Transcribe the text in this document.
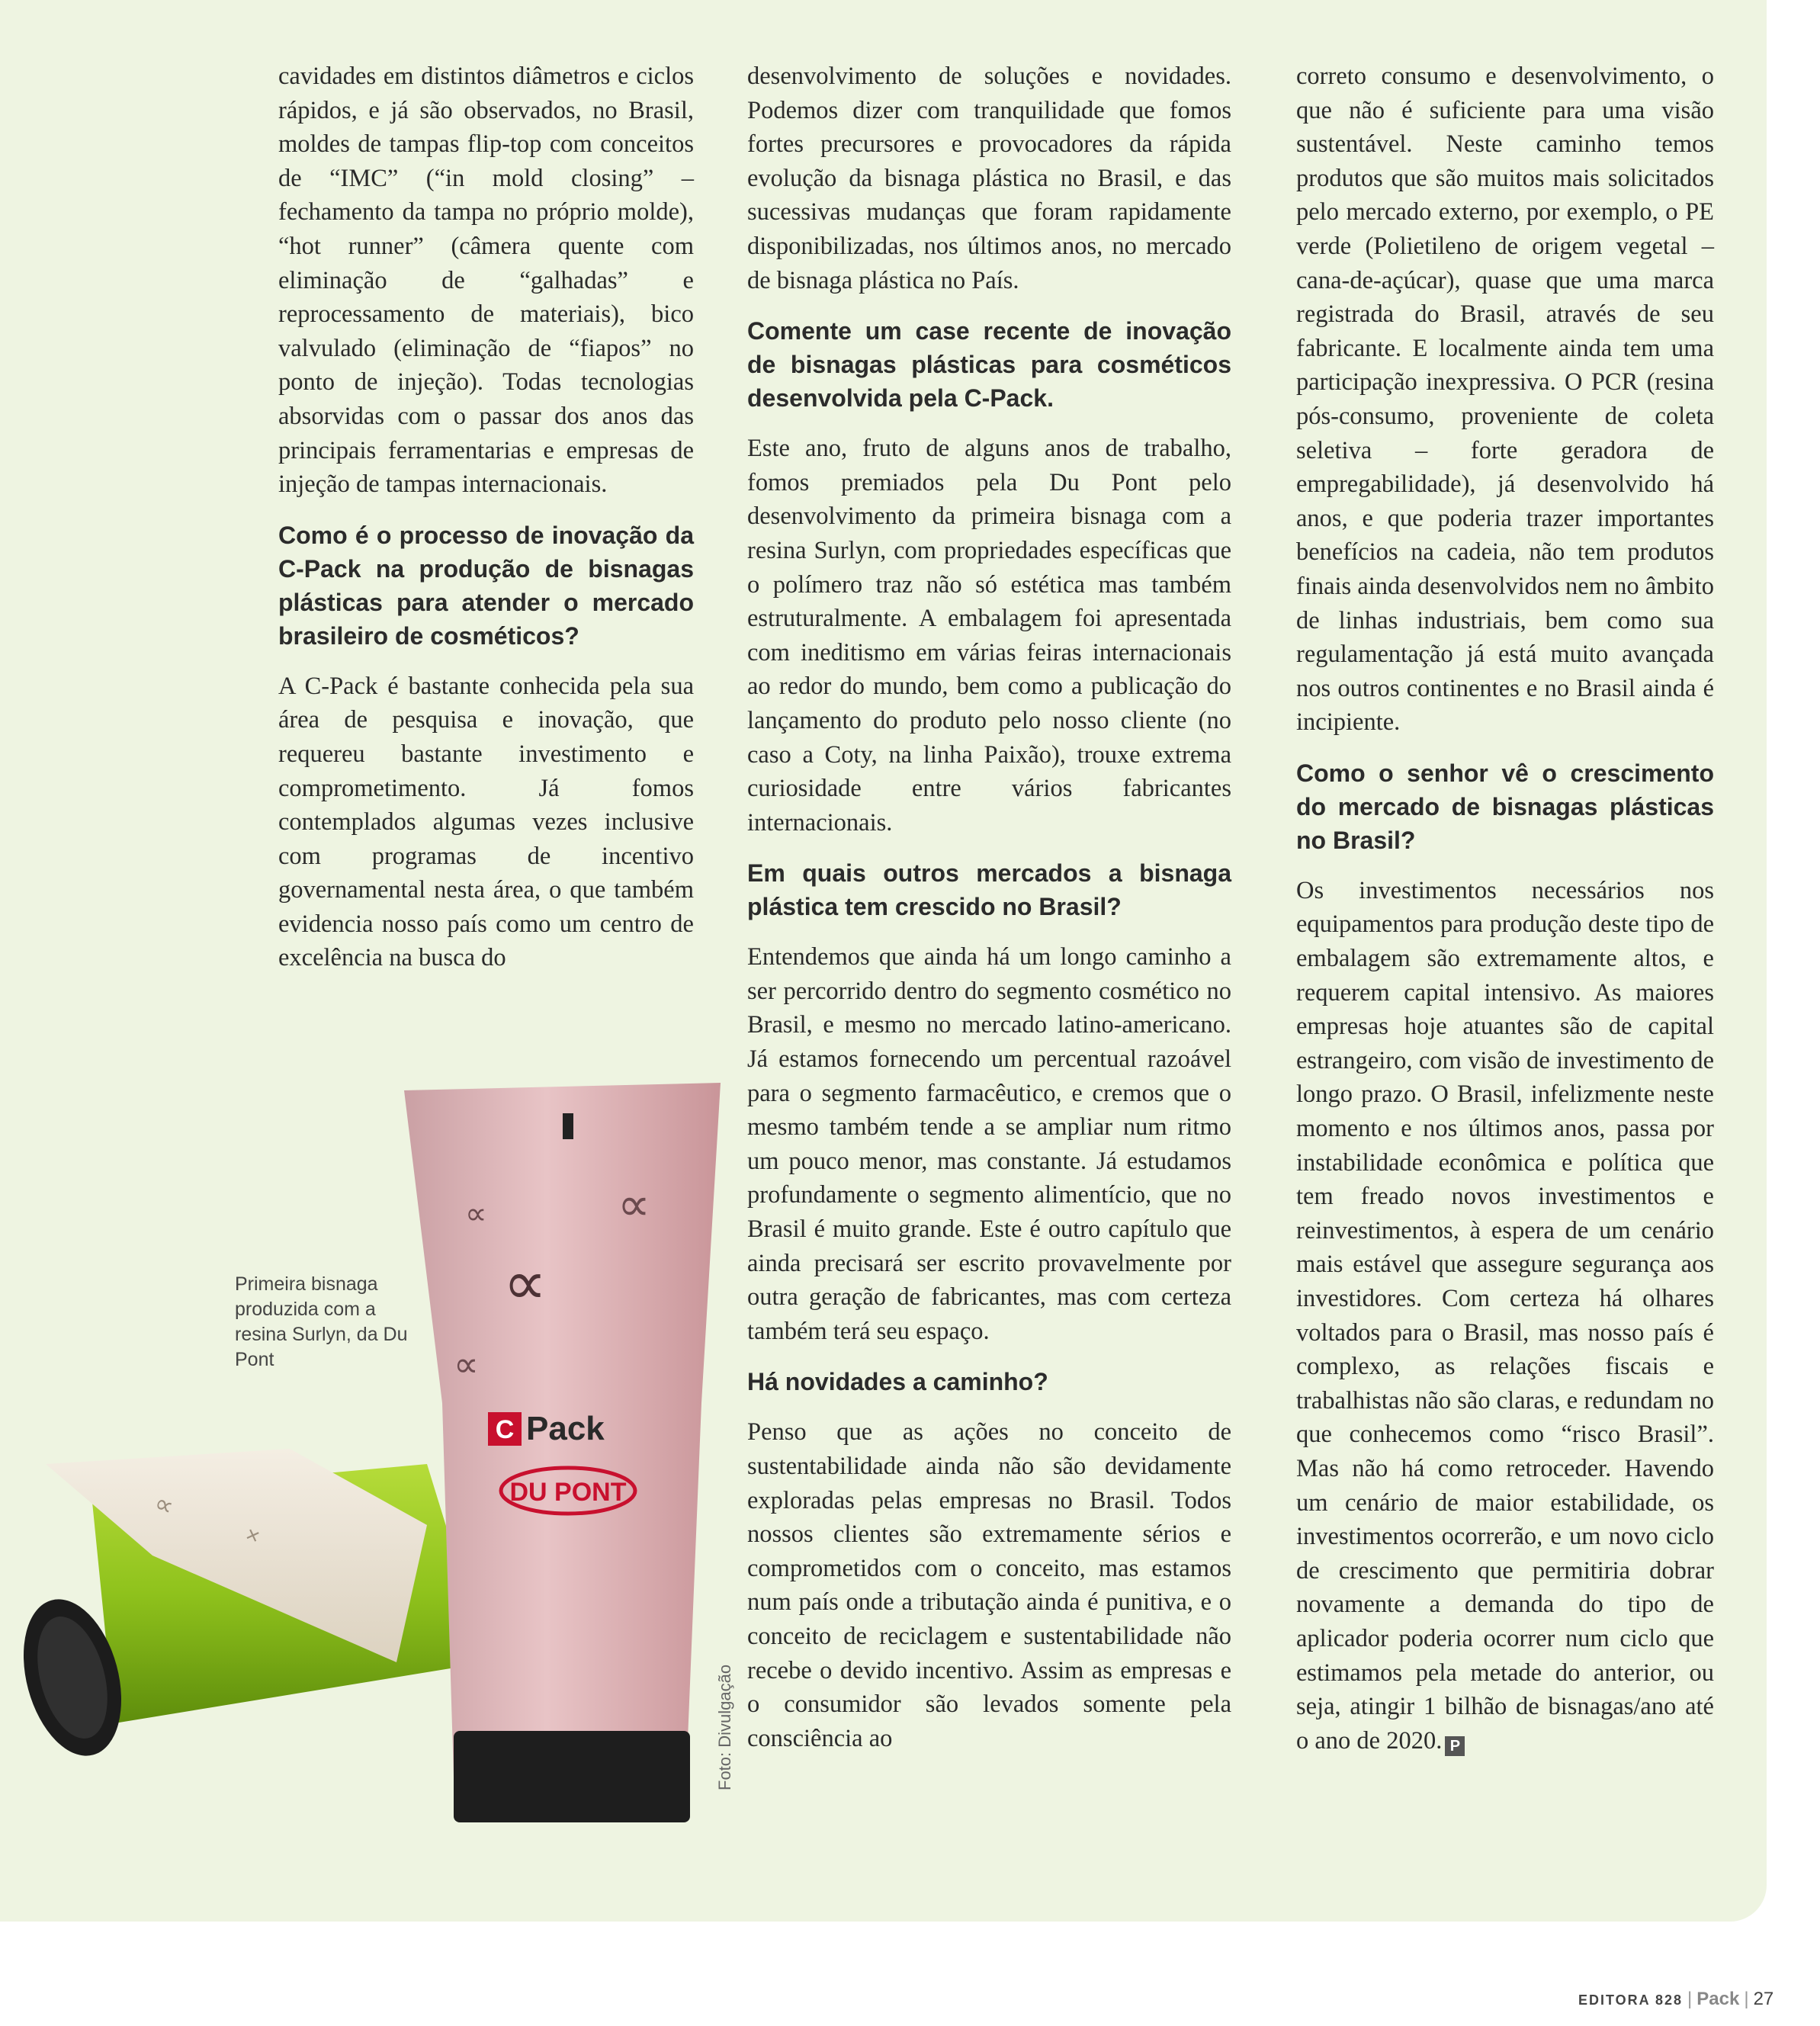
cavidades em distintos diâmetros e ciclos rápidos, e já são observados, no Brasil, moldes de tampas flip-top com conceitos de “IMC” (“in mold closing” – fechamento da tampa no próprio molde), “hot runner” (câmera quente com eliminação de “galhadas” e reprocessamento de materiais), bico valvulado (eliminação de “fiapos” no ponto de injeção). Todas tecnologias absorvidas com o passar dos anos das principais ferramentarias e empresas de injeção de tampas internacionais.

Como é o processo de inovação da C-Pack na produção de bisnagas plásticas para atender o mercado brasileiro de cosméticos?

A C-Pack é bastante conhecida pela sua área de pesquisa e inovação, que requereu bastante investimento e comprometimento. Já fomos contemplados algumas vezes inclusive com programas de incentivo governamental nesta área, o que também evidencia nosso país como um centro de excelência na busca do

desenvolvimento de soluções e novidades. Podemos dizer com tranquilidade que fomos fortes precursores e provocadores da rápida evolução da bisnaga plástica no Brasil, e das sucessivas mudanças que foram rapidamente disponibilizadas, nos últimos anos, no mercado de bisnaga plástica no País.

Comente um case recente de inovação de bisnagas plásticas para cosméticos desenvolvida pela C-Pack.

Este ano, fruto de alguns anos de trabalho, fomos premiados pela Du Pont pelo desenvolvimento da primeira bisnaga com a resina Surlyn, com propriedades específicas que o polímero traz não só estética mas também estruturalmente. A embalagem foi apresentada com ineditismo em várias feiras internacionais ao redor do mundo, bem como a publicação do lançamento do produto pelo nosso cliente (no caso a Coty, na linha Paixão), trouxe extrema curiosidade entre vários fabricantes internacionais.

Em quais outros mercados a bisnaga plástica tem crescido no Brasil?

Entendemos que ainda há um longo caminho a ser percorrido dentro do segmento cosmético no Brasil, e mesmo no mercado latino-americano. Já estamos fornecendo um percentual razoável para o segmento farmacêutico, e cremos que o mesmo também tende a se ampliar num ritmo um pouco menor, mas constante. Já estudamos profundamente o segmento alimentício, que no Brasil é muito grande. Este é outro capítulo que ainda precisará ser escrito provavelmente por outra geração de fabricantes, mas com certeza também terá seu espaço.

Há novidades a caminho?

Penso que as ações no conceito de sustentabilidade ainda não são devidamente exploradas pelas empresas no Brasil. Todos nossos clientes são extremamente sérios e comprometidos com o conceito, mas estamos num país onde a tributação ainda é punitiva, e o conceito de reciclagem e sustentabilidade não recebe o devido incentivo. Assim as empresas e o consumidor são levados somente pela consciência ao

correto consumo e desenvolvimento, o que não é suficiente para uma visão sustentável. Neste caminho temos produtos que são muitos mais solicitados pelo mercado externo, por exemplo, o PE verde (Polietileno de origem vegetal – cana-de-açúcar), quase que uma marca registrada do Brasil, através de seu fabricante. E localmente ainda tem uma participação inexpressiva. O PCR (resina pós-consumo, proveniente de coleta seletiva – forte geradora de empregabilidade), já desenvolvido há anos, e que poderia trazer importantes benefícios na cadeia, não tem produtos finais ainda desenvolvidos nem no âmbito de linhas industriais, bem como sua regulamentação já está muito avançada nos outros continentes e no Brasil ainda é incipiente.

Como o senhor vê o crescimento do mercado de bisnagas plásticas no Brasil?

Os investimentos necessários nos equipamentos para produção deste tipo de embalagem são extremamente altos, e requerem capital intensivo. As maiores empresas hoje atuantes são de capital estrangeiro, com visão de investimento de longo prazo. O Brasil, infelizmente neste momento e nos últimos anos, passa por instabilidade econômica e política que tem freado novos investimentos e reinvestimentos, à espera de um cenário mais estável que assegure segurança aos investidores. Com certeza há olhares voltados para o Brasil, mas nosso país é complexo, as relações fiscais e trabalhistas não são claras, e redundam no que conhecemos como “risco Brasil”. Mas não há como retroceder. Havendo um cenário de maior estabilidade, os investimentos ocorrerão, e um novo ciclo de crescimento que permitiria dobrar novamente a demanda do tipo de aplicador poderia ocorrer num ciclo que estimamos pela metade do anterior, ou seja, atingir 1 bilhão de bisnagas/ano até o ano de 2020. P

∝
×
∝
∝
∝
∝
C Pack
DU PONT
Primeira bisnaga produzida com a resina Surlyn, da Du Pont
Foto: Divulgação
EDITORA 828 | Pack | 27
